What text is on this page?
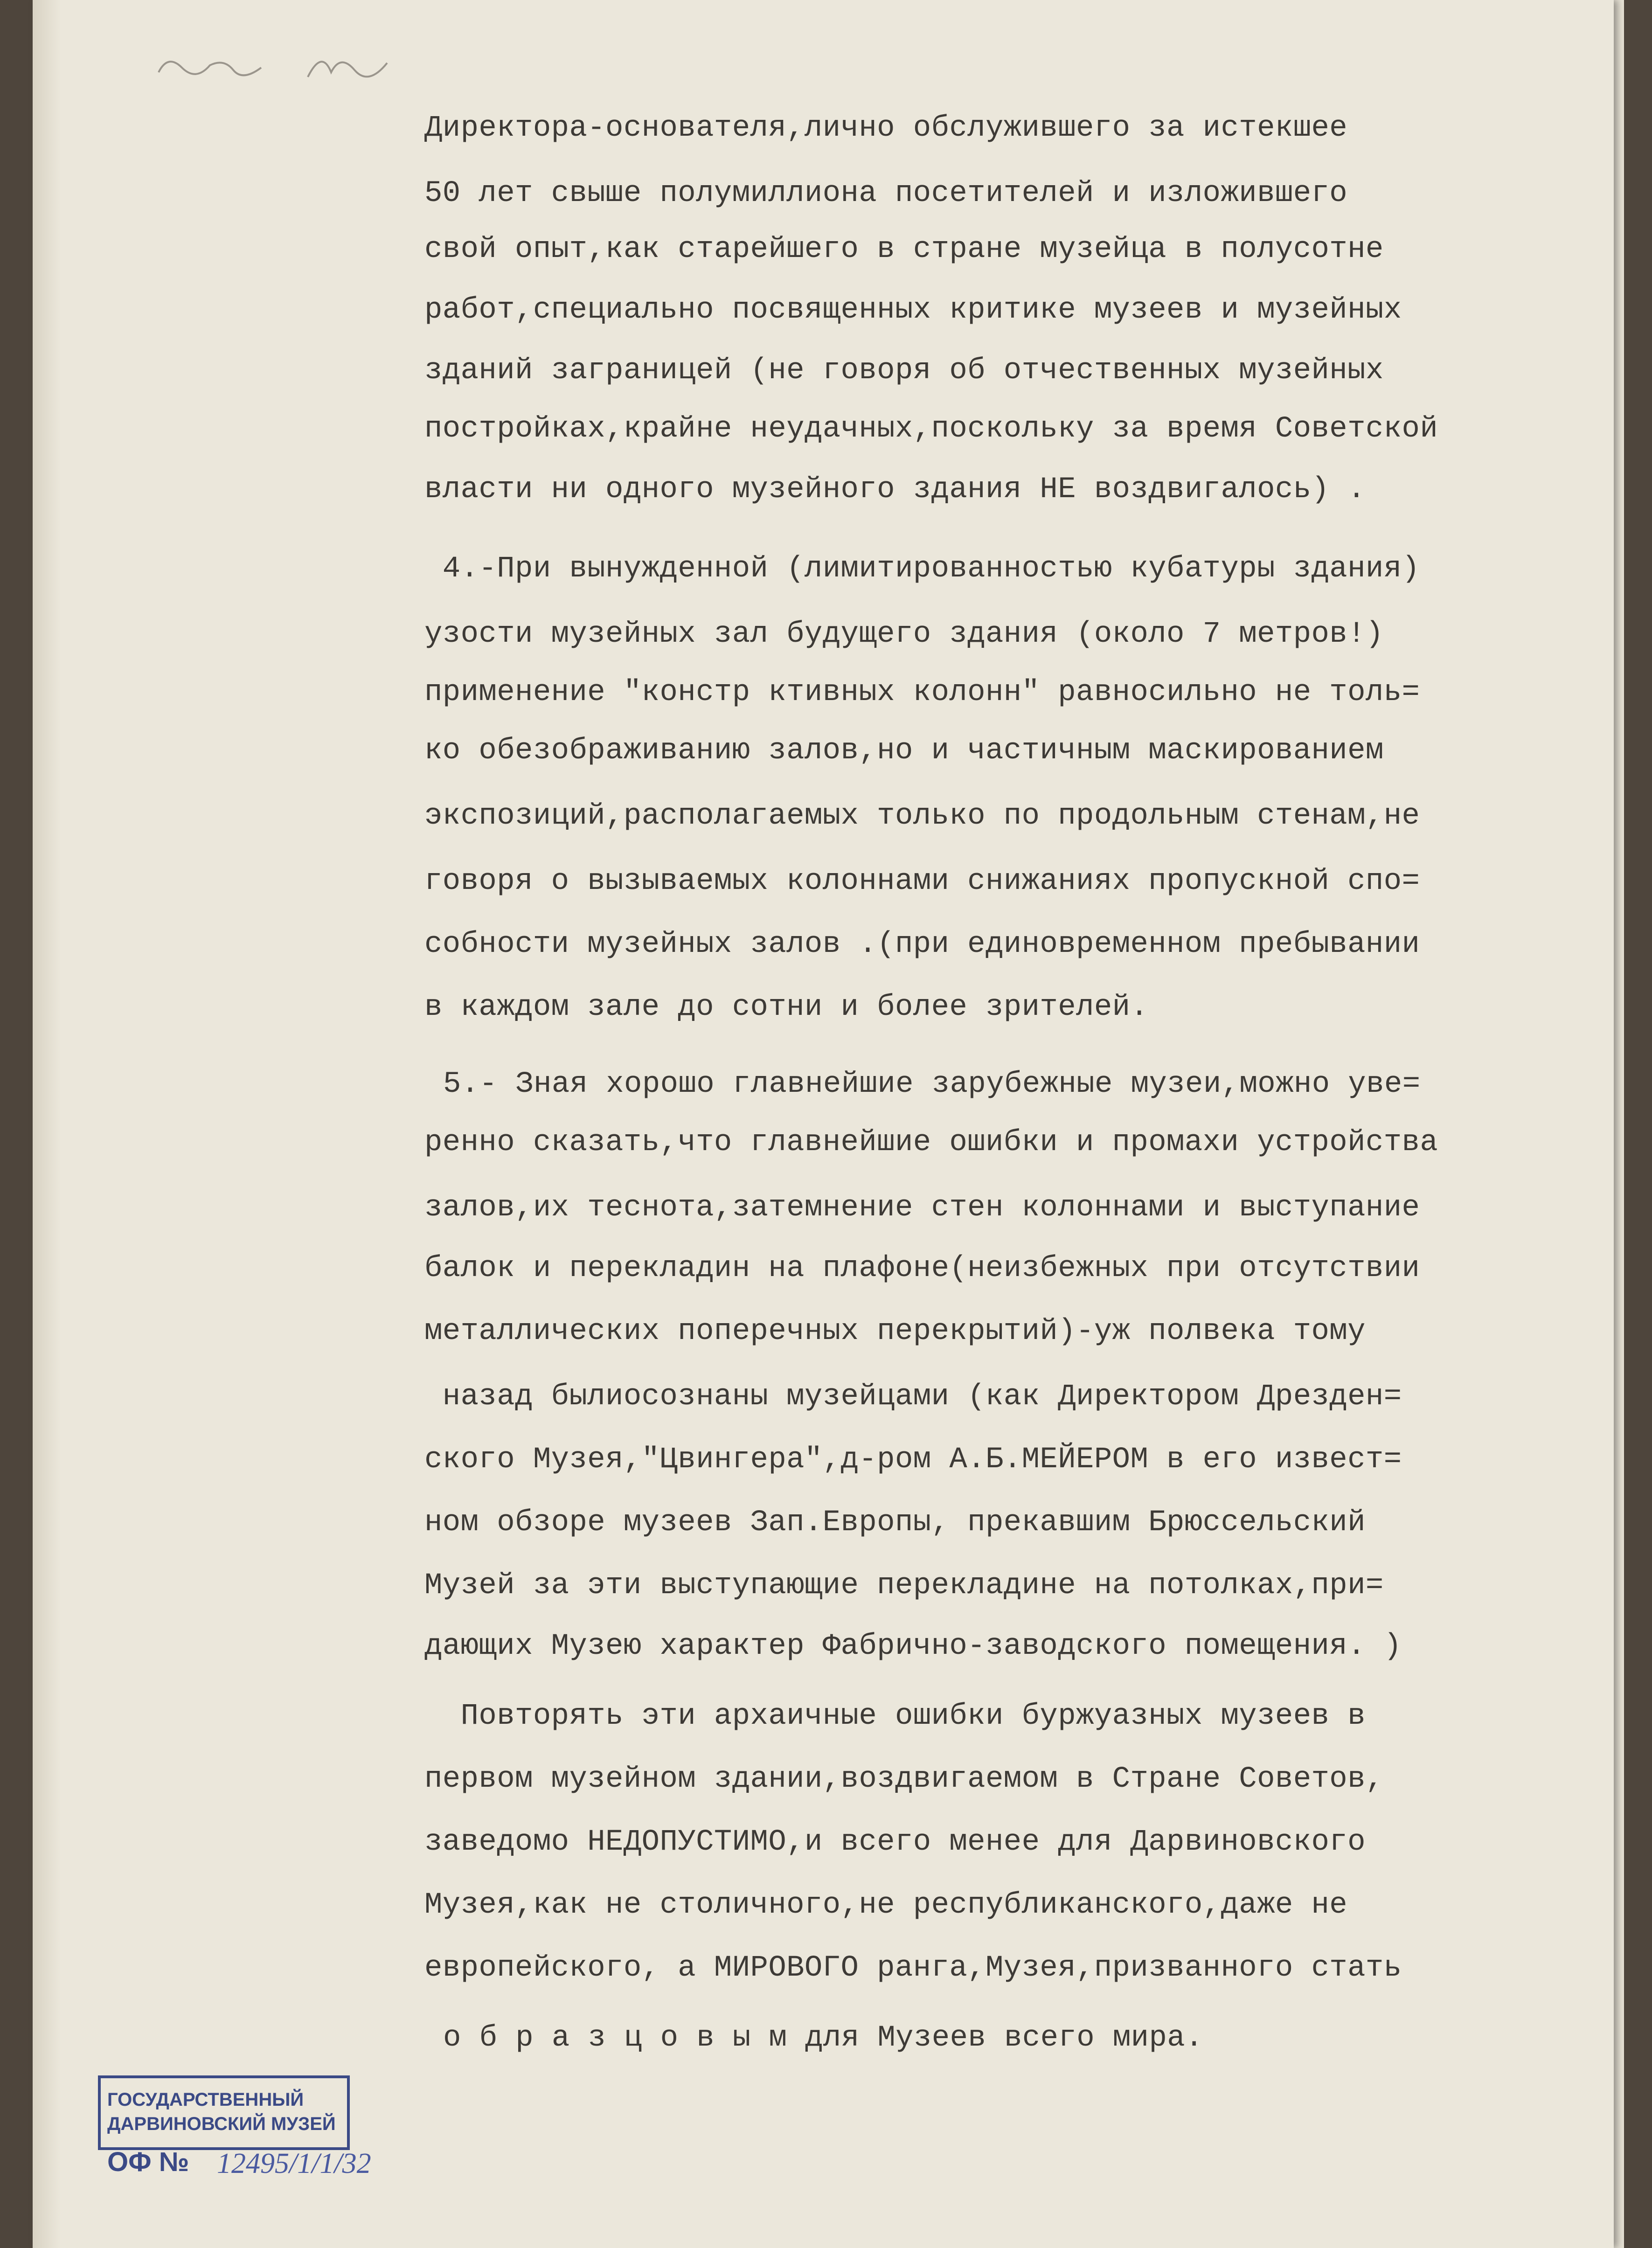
Директора-основателя,лично обслужившего за истекшее
50 лет свыше полумиллиона посетителей и изложившего
свой опыт,как старейшего в стране музейца в полусотне
работ,специально посвященных критике музеев и музейных
зданий заграницей (не говоря об отчественных музейных
постройках,крайне неудачных,поскольку за время Советской
власти ни одного музейного здания НЕ воздвигалось) .
4.-При вынужденной (лимитированностью кубатуры здания)
узости музейных зал будущего здания (около 7 метров!)
применение "констр ктивных колонн" равносильно не толь=
ко обезображиванию залов,но и частичным маскированием
экспозиций,располагаемых только по продольным стенам,не
говоря о вызываемых колоннами снижаниях пропускной спо=
собности музейных залов .(при единовременном пребывании
в каждом зале до сотни и более зрителей.
5.- Зная хорошо главнейшие зарубежные музеи,можно уве=
ренно сказать,что главнейшие ошибки и промахи устройства
залов,их теснота,затемнение стен колоннами и выступание
балок и перекладин на плафоне(неизбежных при отсутствии
металлических поперечных перекрытий)-уж полвека тому
назад былиосознаны музейцами (как Директором Дрезден=
ского Музея,"Цвингера",д-ром А.Б.МЕЙЕРОМ в его извест=
ном обзоре музеев Зап.Европы, прекавшим Брюссельский
Музей за эти выступающие перекладине на потолках,при=
дающих Музею характер Фабрично-заводского помещения. )
Повторять эти архаичные ошибки буржуазных музеев в
первом музейном здании,воздвигаемом в Стране Советов,
заведомо НЕДОПУСТИМО,и всего менее для Дарвиновского
Музея,как не столичного,не республиканского,даже не
европейского, а МИРОВОГО ранга,Музея,призванного стать
о б р а з ц о в ы м для Музеев всего мира.
ГОСУДАРСТВЕННЫЙ
ДАРВИНОВСКИЙ МУЗЕЙ
ОФ № 12495/1/1/32
